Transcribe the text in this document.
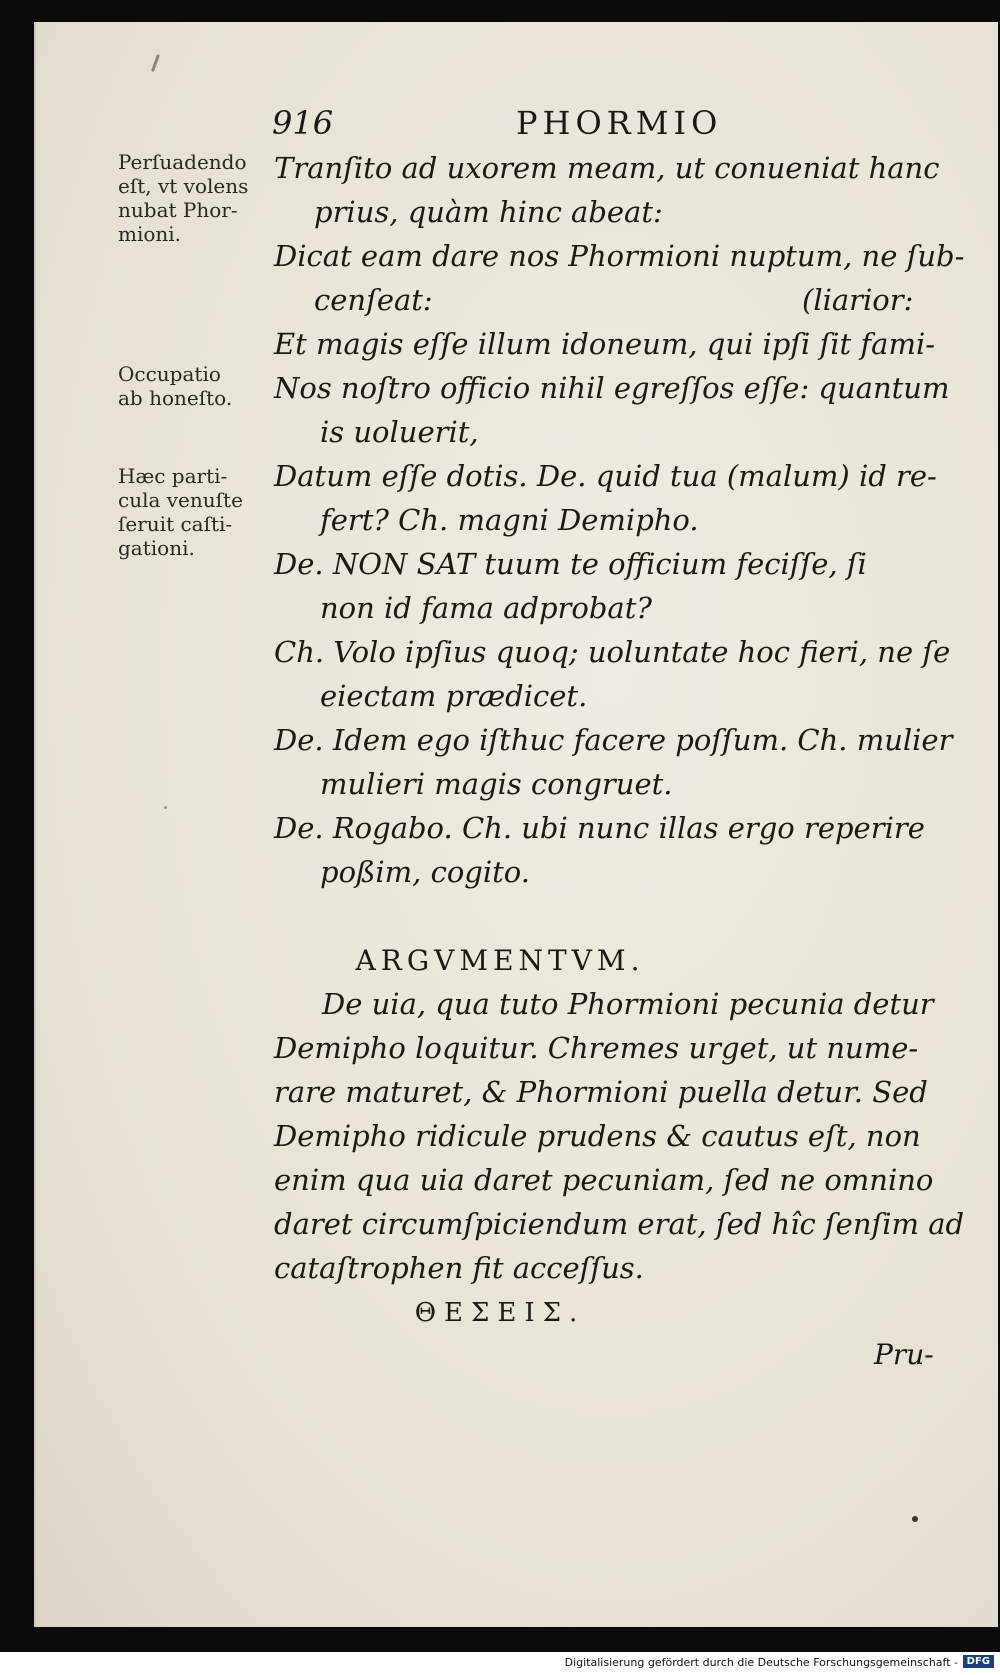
916	PHORMIO
Perſuadendo
eſt, vt volens
nubat Phor-
mioni.
Occupatio
ab honeſto.
Hæc parti-
cula venuſte
ſeruit caſti-
gationi.
Tranſito ad uxorem meam, ut conueniat hanc
prius, quàm hinc abeat:
Dicat eam dare nos Phormioni nuptum, ne ſub-
cenſeat:	(liarior:
Et magis eſſe illum idoneum, qui ipſi ſit fami-
Nos noſtro officio nihil egreſſos eſſe: quantum
is uoluerit,
Datum eſſe dotis. De. quid tua (malum) id re-
fert? Ch. magni Demipho.
De. NON SAT tuum te officium feciſſe, ſi
non id fama adprobat?
Ch. Volo ipſius quoq; uoluntate hoc fieri, ne ſe
eiectam prædicet.
De. Idem ego iſthuc facere poſſum. Ch. mulier
mulieri magis congruet.
De. Rogabo. Ch. ubi nunc illas ergo reperire
poßim, cogito.
ARGVMENTVM.
De uia, qua tuto Phormioni pecunia detur
Demipho loquitur. Chremes urget, ut nume-
rare maturet, & Phormioni puella detur. Sed
Demipho ridicule prudens & cautus eſt, non
enim qua uia daret pecuniam, ſed ne omnino
daret circumſpiciendum erat, ſed hîc ſenſim ad
cataſtrophen fit acceſſus.
ΘΕΣΕΙΣ.
Pru-
Digitalisierung gefördert durch die Deutsche Forschungsgemeinschaft - DFG
